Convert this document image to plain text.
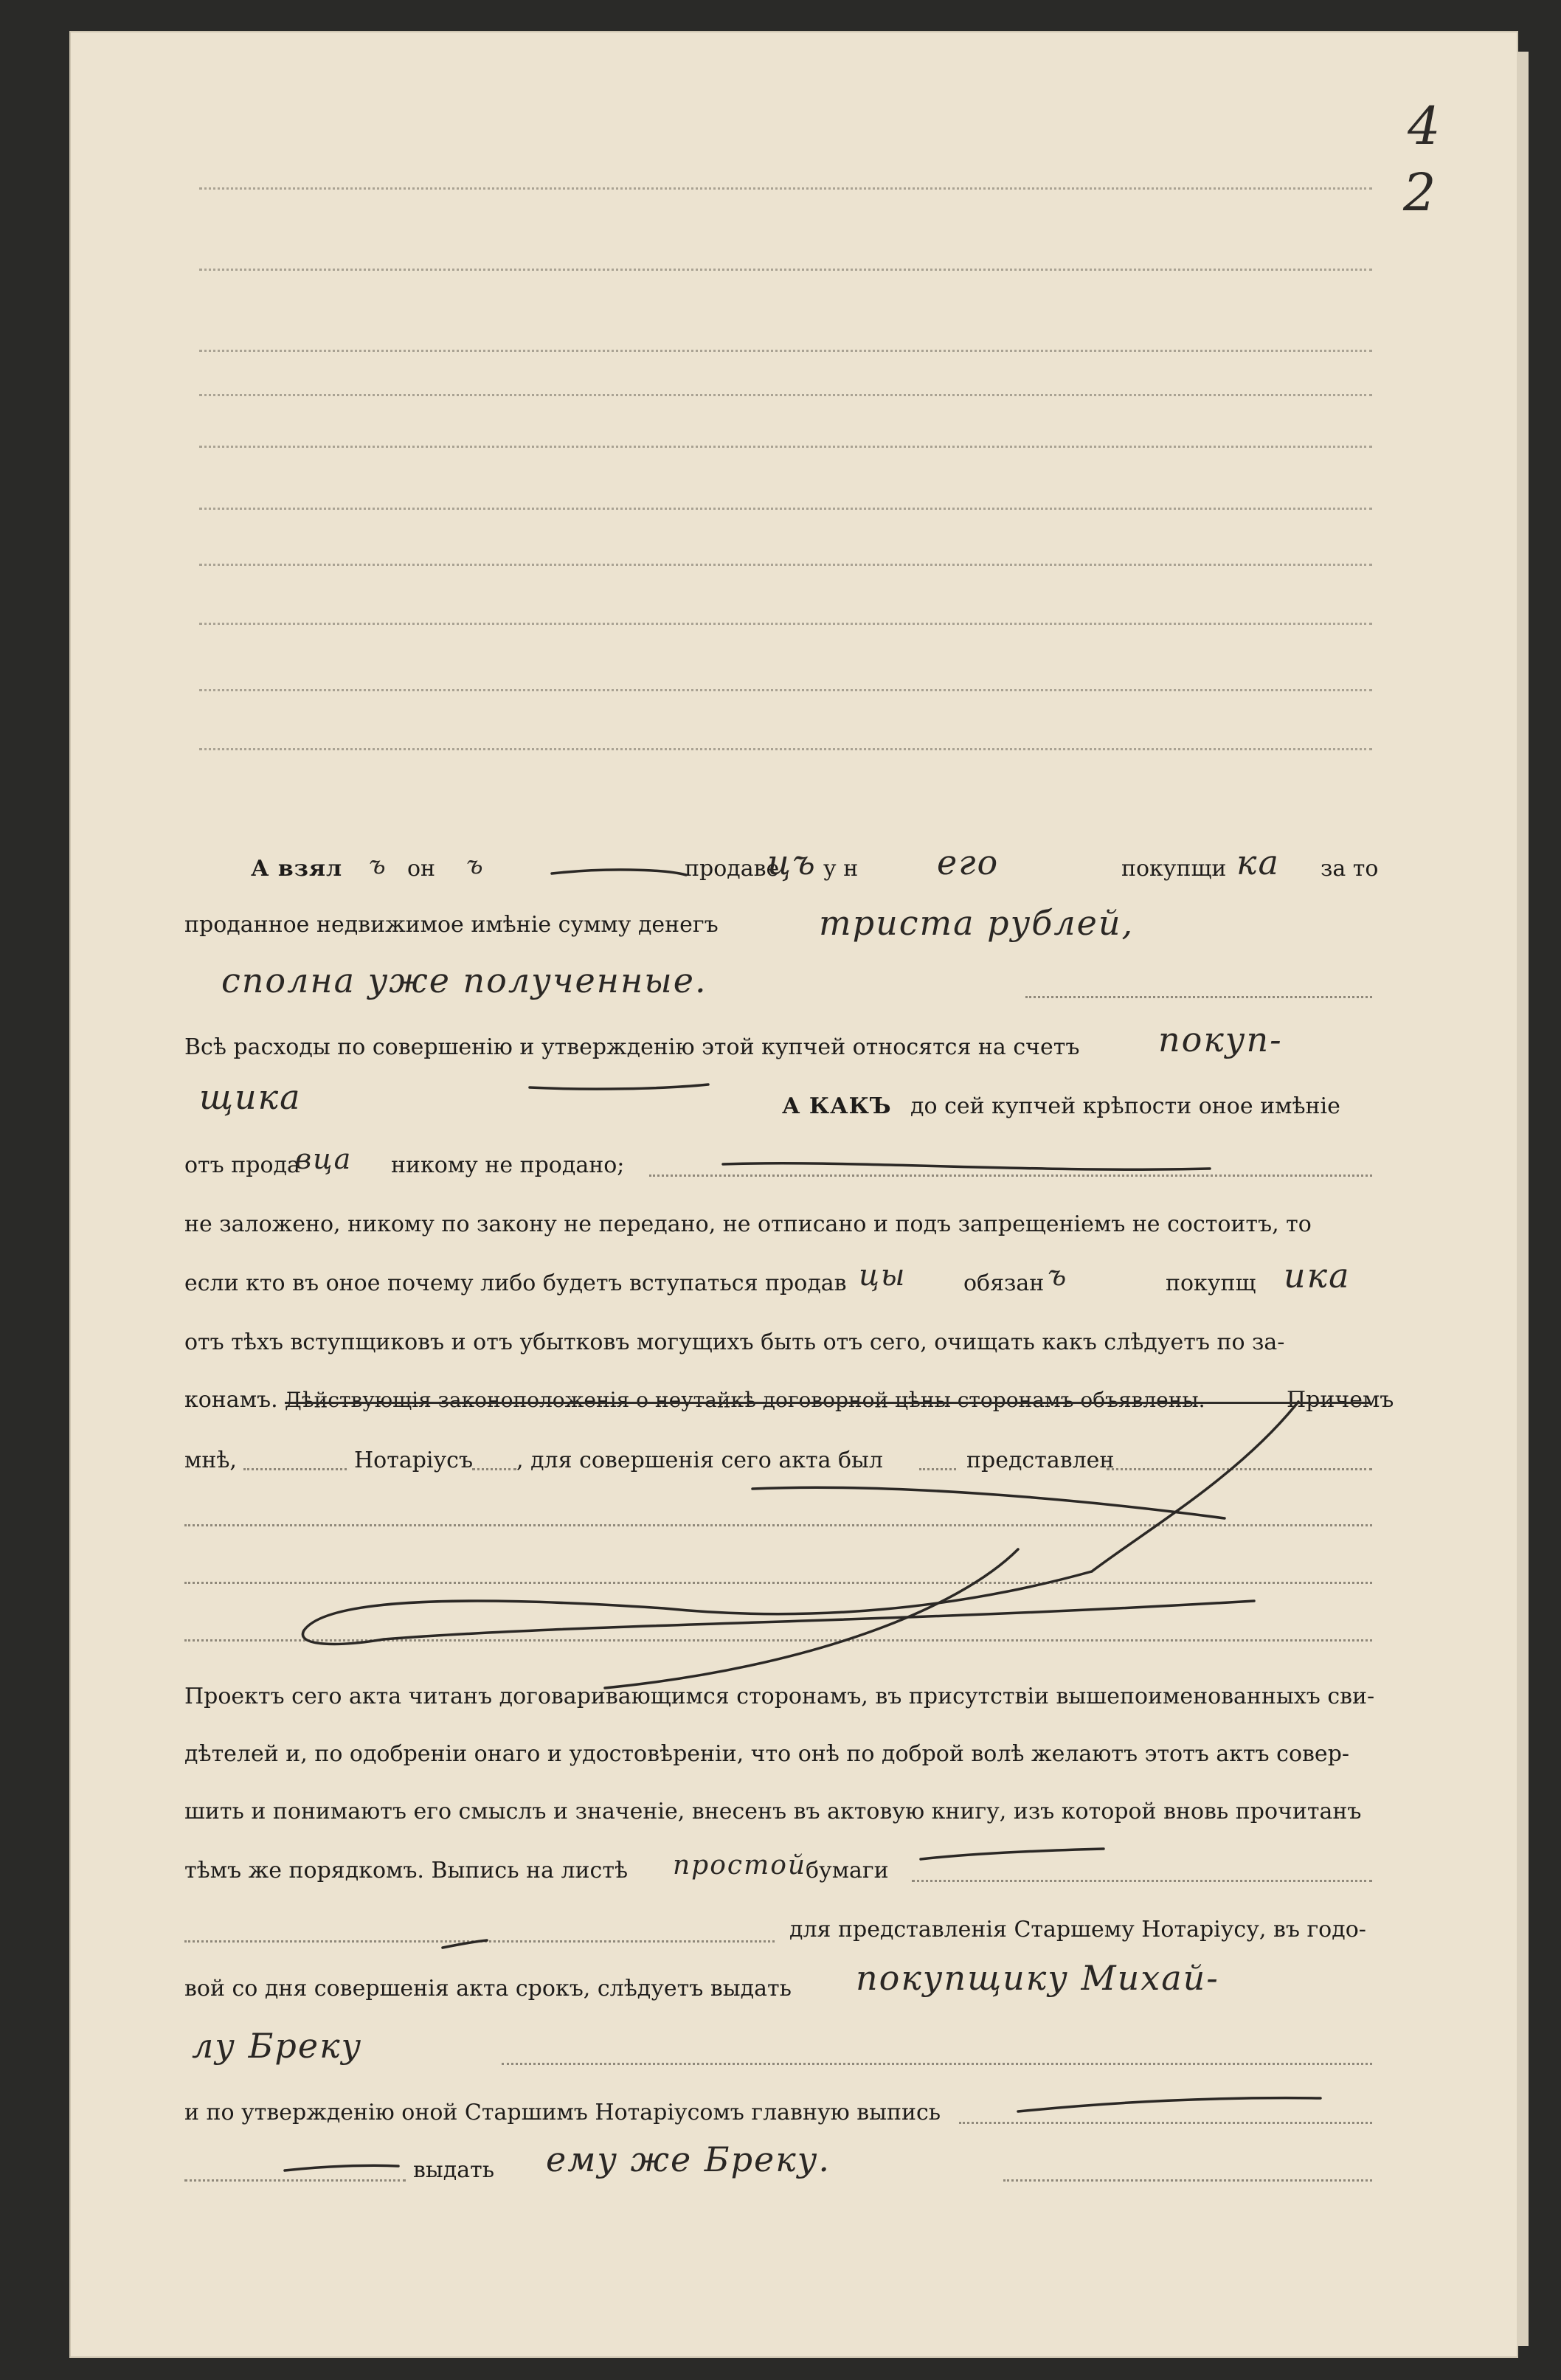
4
2
А взял ъ он ъ	продаве
цъ у н его	покупщи ка за то
проданное недвижимое имѣніе сумму денегъ	триста рублей,
сполна уже полученные.
Всѣ расходы по совершенію и утвержденію этой купчей относятся на счетъ покуп-
щика	А КАКЪ до сей купчей крѣпости оное имѣніе
отъ прода
вца никому не продано;
не заложено, никому по закону не передано, не отписано и подъ запрещеніемъ не состоитъ, то
если кто въ оное почему либо будетъ вступаться продав цы	обязан ъ	покупщ ика
отъ тѣхъ вступщиковъ и отъ убытковъ могущихъ быть отъ сего, очищать какъ слѣдуетъ по за-
конамъ. Дѣйствующія законоположенія о неутайкѣ договорной цѣны сторонамъ объявлены.	Причемъ
мнѣ,	Нотаріусъ , для совершенія сего акта был	представлен
Проектъ сего акта читанъ договаривающимся сторонамъ, въ присутствіи вышепоименованныхъ сви-
дѣтелей и, по одобреніи онаго и удостовѣреніи, что онѣ по доброй волѣ желаютъ этотъ актъ совер-
шить и понимаютъ его смыслъ и значеніе, внесенъ въ актовую книгу, изъ которой вновь прочитанъ
тѣмъ же порядкомъ. Выпись на листѣ простой
бумаги
для представленія Старшему Нотаріусу, въ годо-
вой со дня совершенія акта срокъ, слѣдуетъ выдать покупщику Михай-
лу Бреку
и по утвержденію оной Старшимъ Нотаріусомъ главную выпись
выдать ему же Бреку.
